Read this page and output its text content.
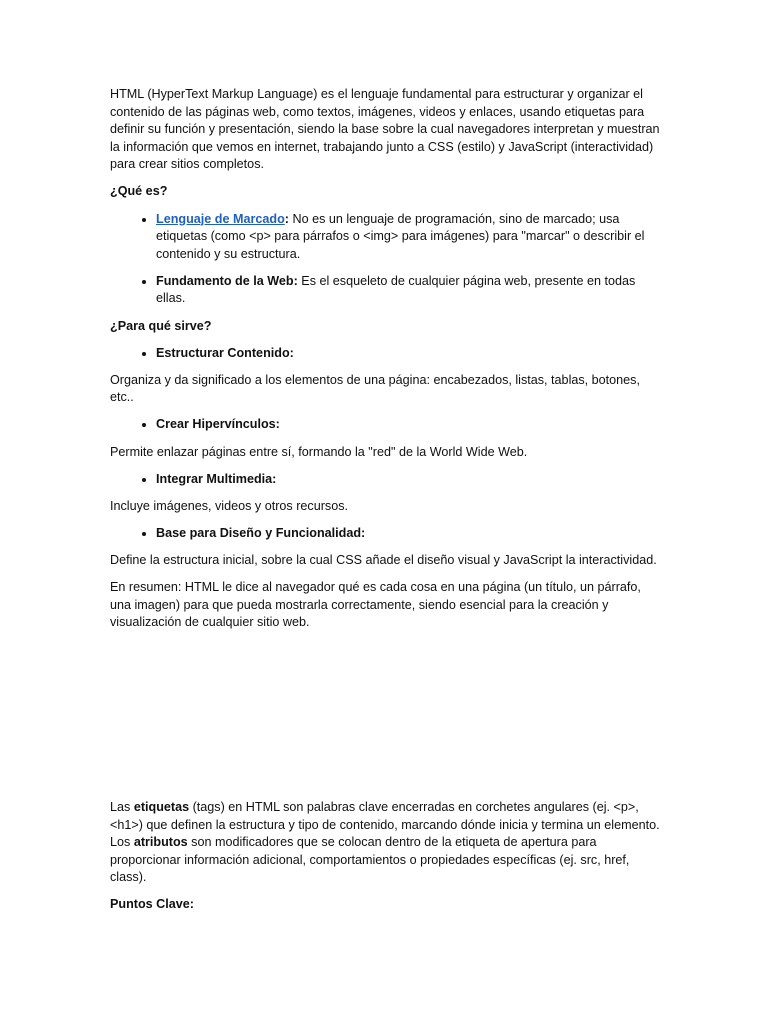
HTML (HyperText Markup Language) es el lenguaje fundamental para estructurar y organizar el contenido de las páginas web, como textos, imágenes, videos y enlaces, usando etiquetas para definir su función y presentación, siendo la base sobre la cual navegadores interpretan y muestran la información que vemos en internet, trabajando junto a CSS (estilo) y JavaScript (interactividad) para crear sitios completos.

¿Qué es?

• Lenguaje de Marcado: No es un lenguaje de programación, sino de marcado; usa etiquetas (como <p> para párrafos o <img> para imágenes) para "marcar" o describir el contenido y su estructura.
• Fundamento de la Web: Es el esqueleto de cualquier página web, presente en todas ellas.

¿Para qué sirve?

• Estructurar Contenido:

Organiza y da significado a los elementos de una página: encabezados, listas, tablas, botones, etc..

• Crear Hipervínculos:

Permite enlazar páginas entre sí, formando la "red" de la World Wide Web.

• Integrar Multimedia:

Incluye imágenes, videos y otros recursos.

• Base para Diseño y Funcionalidad:

Define la estructura inicial, sobre la cual CSS añade el diseño visual y JavaScript la interactividad.

En resumen: HTML le dice al navegador qué es cada cosa en una página (un título, un párrafo, una imagen) para que pueda mostrarla correctamente, siendo esencial para la creación y visualización de cualquier sitio web.

Las etiquetas (tags) en HTML son palabras clave encerradas en corchetes angulares (ej. <p>, <h1>) que definen la estructura y tipo de contenido, marcando dónde inicia y termina un elemento. Los atributos son modificadores que se colocan dentro de la etiqueta de apertura para proporcionar información adicional, comportamientos o propiedades específicas (ej. src, href, class).

Puntos Clave:
